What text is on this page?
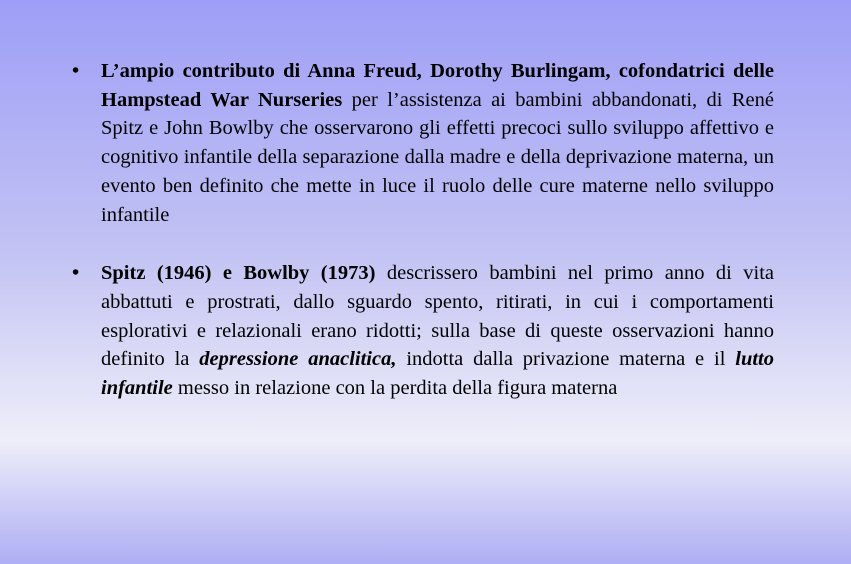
• L’ampio contributo di Anna Freud, Dorothy Burlingam, cofondatrici delle Hampstead War Nurseries per l’assistenza ai bambini abbandonati, di René Spitz e John Bowlby che osservarono gli effetti precoci sullo sviluppo affettivo e cognitivo infantile della separazione dalla madre e della deprivazione materna, un evento ben definito che mette in luce il ruolo delle cure materne nello sviluppo infantile
• Spitz (1946) e Bowlby (1973) descrissero bambini nel primo anno di vita abbattuti e prostrati, dallo sguardo spento, ritirati, in cui i comportamenti esplorativi e relazionali erano ridotti; sulla base di queste osservazioni hanno definito la depressione anaclitica, indotta dalla privazione materna e il lutto infantile messo in relazione con la perdita della figura materna
